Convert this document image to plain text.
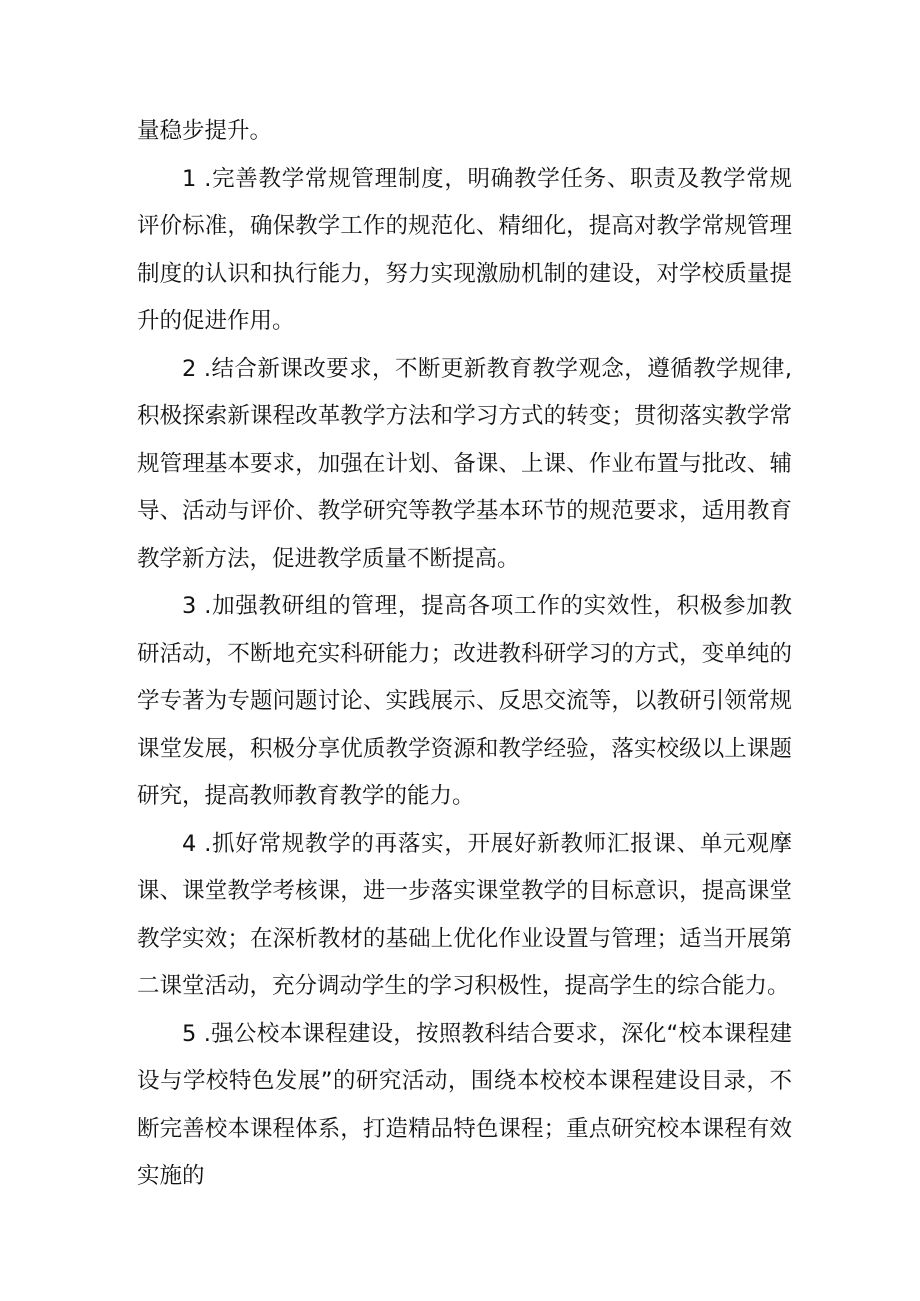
量稳步提升。

1 .完善教学常规管理制度，明确教学任务、职责及教学常规评价标准，确保教学工作的规范化、精细化，提高对教学常规管理制度的认识和执行能力，努力实现激励机制的建设，对学校质量提升的促进作用。

2 .结合新课改要求，不断更新教育教学观念，遵循教学规律,积极探索新课程改革教学方法和学习方式的转变；贯彻落实教学常规管理基本要求，加强在计划、备课、上课、作业布置与批改、辅导、活动与评价、教学研究等教学基本环节的规范要求，适用教育教学新方法，促进教学质量不断提高。

3 .加强教研组的管理，提高各项工作的实效性，积极参加教研活动，不断地充实科研能力；改进教科研学习的方式，变单纯的学专著为专题问题讨论、实践展示、反思交流等，以教研引领常规课堂发展，积极分享优质教学资源和教学经验，落实校级以上课题研究，提高教师教育教学的能力。

4 .抓好常规教学的再落实，开展好新教师汇报课、单元观摩课、课堂教学考核课，进一步落实课堂教学的目标意识，提高课堂教学实效；在深析教材的基础上优化作业设置与管理；适当开展第二课堂活动，充分调动学生的学习积极性，提高学生的综合能力。

5 .强公校本课程建设，按照教科结合要求，深化“校本课程建设与学校特色发展”的研究活动，围绕本校校本课程建设目录，不断完善校本课程体系，打造精品特色课程；重点研究校本课程有效实施的
